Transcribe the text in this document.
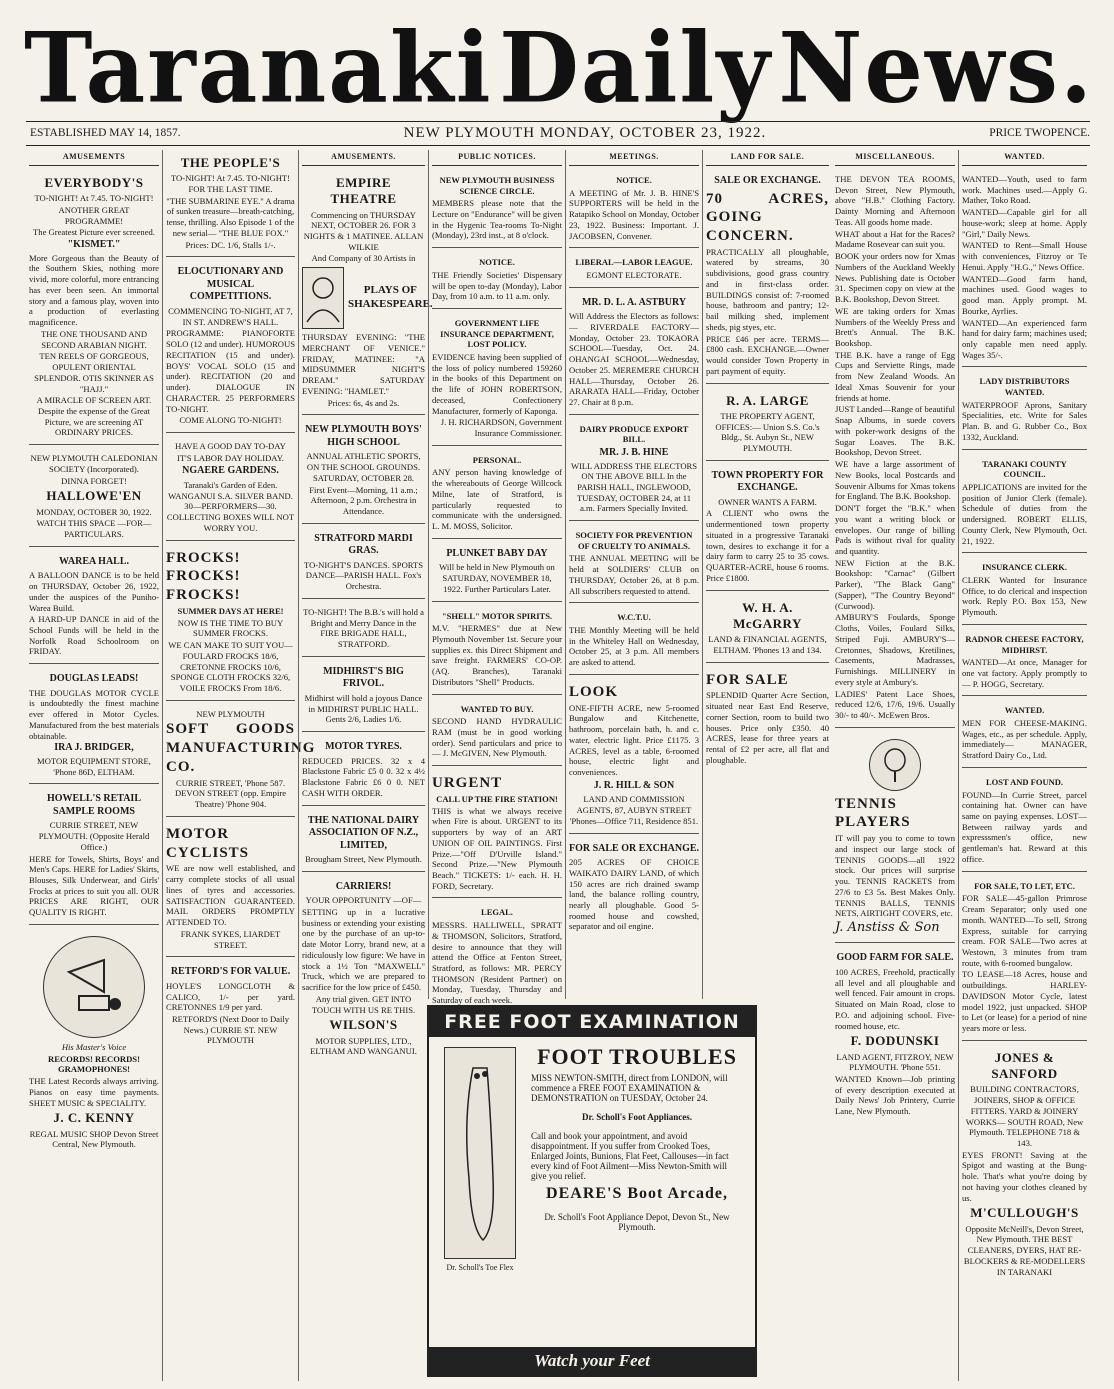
Taranaki Daily News.
ESTABLISHED MAY 14, 1857.	NEW PLYMOUTH MONDAY, OCTOBER 23, 1922.	PRICE TWOPENCE.
AMUSEMENTS
EVERYBODY'S

TO-NIGHT! At 7.45. TO-NIGHT!

ANOTHER GREAT PROGRAMME!

The Greatest Picture ever screened.

"KISMET."

More Gorgeous than the Beauty of the Southern Skies, nothing more vivid, more colorful, more entrancing has ever been seen. An immortal story and a famous play, woven into a production of everlasting magnificence.

THE ONE THOUSAND AND SECOND ARABIAN NIGHT.

TEN REELS OF GORGEOUS, OPULENT ORIENTAL SPLENDOR. OTIS SKINNER AS "HAJJ."

A MIRACLE OF SCREEN ART. Despite the expense of the Great Picture, we are screening AT ORDINARY PRICES.

NEW PLYMOUTH CALEDONIAN SOCIETY (Incorporated).

DINNA FORGET!

HALLOWE'EN

MONDAY, OCTOBER 30, 1922.

WATCH THIS SPACE —FOR— PARTICULARS.

WAREA HALL.

A BALLOON DANCE is to be held on THURSDAY, October 26, 1922, under the auspices of the Puniho-Warea Build.

A HARD-UP DANCE in aid of the School Funds will be held in the Norfolk Road Schoolroom on FRIDAY.

DOUGLAS LEADS!

THE DOUGLAS MOTOR CYCLE is undoubtedly the finest machine ever offered in Motor Cycles. Manufactured from the best materials obtainable.

IRA J. BRIDGER,

MOTOR EQUIPMENT STORE, 'Phone 86D, ELTHAM.

HOWELL'S RETAIL SAMPLE ROOMS

CURRIE STREET, NEW PLYMOUTH. (Opposite Herald Office.)

HERE for Towels, Shirts, Boys' and Men's Caps. HERE for Ladies' Skirts, Blouses, Silk Underwear, and Girls' Frocks at prices to suit you all. OUR PRICES ARE RIGHT, OUR QUALITY IS RIGHT.

His Master's Voice

RECORDS! RECORDS! GRAMOPHONES!

THE Latest Records always arriving. Pianos on easy time payments. SHEET MUSIC & SPECIALITY.

J. C. KENNY

REGAL MUSIC SHOP Devon Street Central, New Plymouth.

THE PEOPLE'S

TO-NIGHT! At 7.45. TO-NIGHT! FOR THE LAST TIME.

"THE SUBMARINE EYE." A drama of sunken treasure—breath-catching, tense, thrilling. Also Episode 1 of the new serial— "THE BLUE FOX."

Prices: DC. 1/6, Stalls 1/-.

ELOCUTIONARY AND MUSICAL COMPETITIONS.

COMMENCING TO-NIGHT, AT 7, IN ST. ANDREW'S HALL.

PROGRAMME: PIANOFORTE SOLO (12 and under). HUMOROUS RECITATION (15 and under). BOYS' VOCAL SOLO (15 and under). RECITATION (20 and under). DIALOGUE IN CHARACTER. 25 PERFORMERS TO-NIGHT.

COME ALONG TO-NIGHT!

HAVE A GOOD DAY TO-DAY

IT'S LABOR DAY HOLIDAY.

NGAERE GARDENS.

Taranaki's Garden of Eden. WANGANUI S.A. SILVER BAND. 30—PERFORMERS—30. COLLECTING BOXES WILL NOT WORRY YOU.

FROCKS! FROCKS! FROCKS!

SUMMER DAYS AT HERE!

NOW IS THE TIME TO BUY SUMMER FROCKS.

WE CAN MAKE TO SUIT YOU— FOULARD FROCKS 18/6, CRETONNE FROCKS 10/6, SPONGE CLOTH FROCKS 32/6, VOILE FROCKS From 18/6.

NEW PLYMOUTH

SOFT GOODS MANUFACTURING CO.

CURRIE STREET, 'Phone 587. DEVON STREET (opp. Empire Theatre) 'Phone 904.

MOTOR CYCLISTS

WE are now well established, and carry complete stocks of all usual lines of tyres and accessories. SATISFACTION GUARANTEED. MAIL ORDERS PROMPTLY ATTENDED TO.

FRANK SYKES, LIARDET STREET.

RETFORD'S FOR VALUE.

HOYLE'S LONGCLOTH & CALICO, 1/- per yard. CRETONNES 1/9 per yard.

RETFORD'S (Next Door to Daily News.) CURRIE ST. NEW PLYMOUTH

AMUSEMENTS.
EMPIRE THEATRE

Commencing on THURSDAY NEXT, OCTOBER 26. FOR 3 NIGHTS & 1 MATINEE. ALLAN WILKIE

And Company of 30 Artists in

PLAYS OF SHAKESPEARE.

THURSDAY EVENING: "THE MERCHANT OF VENICE." FRIDAY, MATINEE: "A MIDSUMMER NIGHT'S DREAM." SATURDAY EVENING: "HAMLET."

Prices: 6s, 4s and 2s.

NEW PLYMOUTH BOYS' HIGH SCHOOL

ANNUAL ATHLETIC SPORTS, ON THE SCHOOL GROUNDS. SATURDAY, OCTOBER 28.

First Event—Morning, 11 a.m.; Afternoon, 2 p.m. Orchestra in Attendance.

STRATFORD MARDI GRAS.

TO-NIGHT'S DANCES. SPORTS DANCE—PARISH HALL. Fox's Orchestra.

TO-NIGHT! The B.B.'s will hold a Bright and Merry Dance in the FIRE BRIGADE HALL, STRATFORD.

MIDHIRST'S BIG FRIVOL.

Midhirst will hold a joyous Dance in MIDHIRST PUBLIC HALL. Gents 2/6, Ladies 1/6.

MOTOR TYRES.

REDUCED PRICES. 32 x 4 Blackstone Fabric £5 0 0. 32 x 4½ Blackstone Fabric £6 0 0. NET CASH WITH ORDER.

THE NATIONAL DAIRY ASSOCIATION OF N.Z., LIMITED,

Brougham Street, New Plymouth.

CARRIERS!

YOUR OPPORTUNITY —OF—

SETTING up in a lucrative business or extending your existing one by the purchase of an up-to-date Motor Lorry, brand new, at a ridiculously low figure: We have in stock a 1½ Ton "MAXWELL" Truck, which we are prepared to sacrifice for the low price of £450.

Any trial given. GET INTO TOUCH WITH US RE THIS.

WILSON'S

MOTOR SUPPLIES, LTD., ELTHAM AND WANGANUI.

PUBLIC NOTICES.
NEW PLYMOUTH BUSINESS SCIENCE CIRCLE.

MEMBERS please note that the Lecture on "Endurance" will be given in the Hygenic Tea-rooms To-Night (Monday), 23rd inst., at 8 o'clock.

NOTICE.

THE Friendly Societies' Dispensary will be open to-day (Monday), Labor Day, from 10 a.m. to 11 a.m. only.

GOVERNMENT LIFE INSURANCE DEPARTMENT, LOST POLICY.

EVIDENCE having been supplied of the loss of policy numbered 159260 in the books of this Department on the life of JOHN ROBERTSON, deceased, Confectionery Manufacturer, formerly of Kaponga.

J. H. RICHARDSON, Government Insurance Commissioner.

PERSONAL.

ANY person having knowledge of the whereabouts of George Willcock Milne, late of Stratford, is particularly requested to communicate with the undersigned. L. M. MOSS, Solicitor.

PLUNKET BABY DAY

Will be held in New Plymouth on SATURDAY, NOVEMBER 18, 1922. Further Particulars Later.

"SHELL" MOTOR SPIRITS.

M.V. "HERMES" due at New Plymouth November 1st. Secure your supplies ex. this Direct Shipment and save freight. FARMERS' CO-OP. (AQ. Branches), Taranaki Distributors "Shell" Products.

WANTED TO BUY.

SECOND HAND HYDRAULIC RAM (must be in good working order). Send particulars and price to— J. McGIVEN, New Plymouth.

URGENT

CALL UP THE FIRE STATION!

THIS is what we always receive when Fire is about. URGENT to its supporters by way of an ART UNION OF OIL PAINTINGS. First Prize.—"Off D'Urville Island." Second Prize.—"New Plymouth Beach." TICKETS: 1/- each. H. H. FORD, Secretary.

LEGAL.

MESSRS. HALLIWELL, SPRATT & THOMSON, Solicitors, Stratford, desire to announce that they will attend the Office at Fenton Street, Stratford, as follows: MR. PERCY THOMSON (Resident Partner) on Monday, Tuesday, Thursday and Saturday of each week.

MEETINGS.
NOTICE.

A MEETING of Mr. J. B. HINE'S SUPPORTERS will be held in the Ratapiko School on Monday, October 23, 1922. Business: Important. J. JACOBSEN, Convener.

LIBERAL—LABOR LEAGUE.

EGMONT ELECTORATE.

MR. D. L. A. ASTBURY

Will Address the Electors as follows:— RIVERDALE FACTORY—Monday, October 23. TOKAORA SCHOOL—Tuesday, Oct. 24. OHANGAI SCHOOL—Wednesday, October 25. MEREMERE CHURCH HALL—Thursday, October 26. ARARATA HALL—Friday, October 27. Chair at 8 p.m.

DAIRY PRODUCE EXPORT BILL.

MR. J. B. HINE

WILL ADDRESS THE ELECTORS ON THE ABOVE BILL In the PARISH HALL, INGLEWOOD, TUESDAY, OCTOBER 24, at 11 a.m. Farmers Specially Invited.

SOCIETY FOR PREVENTION OF CRUELTY TO ANIMALS.

THE ANNUAL MEETING will be held at SOLDIERS' CLUB on THURSDAY, October 26, at 8 p.m. All subscribers requested to attend.

W.C.T.U.

THE Monthly Meeting will be held in the Whiteley Hall on Wednesday, October 25, at 3 p.m. All members are asked to attend.

LOOK

ONE-FIFTH ACRE, new 5-roomed Bungalow and Kitchenette, bathroom, porcelain bath, h. and c. water, electric light. Price £1175. 3 ACRES, level as a table, 6-roomed house, electric light and conveniences.

J. R. HILL & SON

LAND AND COMMISSION AGENTS, 87, AUBYN STREET 'Phones—Office 711, Residence 851.

FOR SALE OR EXCHANGE.

205 ACRES OF CHOICE WAIKATO DAIRY LAND, of which 150 acres are rich drained swamp land, the balance rolling country, nearly all ploughable. Good 5-roomed house and cowshed, separator and oil engine.

LAND FOR SALE.
SALE OR EXCHANGE.

70 ACRES, GOING CONCERN.

PRACTICALLY all ploughable, watered by streams, 30 subdivisions, good grass country and in first-class order. BUILDINGS consist of: 7-roomed house, bathroom and pantry; 12-bail milking shed, implement sheds, pig styes, etc.

PRICE £46 per acre. TERMS—£800 cash. EXCHANGE.—Owner would consider Town Property in part payment of equity.

R. A. LARGE

THE PROPERTY AGENT, OFFICES:— Union S.S. Co.'s Bldg., St. Aubyn St., NEW PLYMOUTH.

TOWN PROPERTY FOR EXCHANGE.

OWNER WANTS A FARM.

A CLIENT who owns the undermentioned town property situated in a progressive Taranaki town, desires to exchange it for a dairy farm to carry 25 to 35 cows. QUARTER-ACRE, house 6 rooms. Price £1800.

W. H. A. McGARRY

LAND & FINANCIAL AGENTS, ELTHAM. 'Phones 13 and 134.

FOR SALE

SPLENDID Quarter Acre Section, situated near East End Reserve, corner Section, room to build two houses. Price only £350. 40 ACRES, lease for three years at rental of £2 per acre, all flat and ploughable.

FREE FOOT EXAMINATION

Dr. Scholl's Toe Flex

FOOT TROUBLES

MISS NEWTON-SMITH, direct from LONDON, will commence a FREE FOOT EXAMINATION & DEMONSTRATION on TUESDAY, October 24.

Dr. Scholl's Foot Appliances.

Call and book your appointment, and avoid disappointment. If you suffer from Crooked Toes, Enlarged Joints, Bunions, Flat Feet, Callouses—in fact every kind of Foot Ailment—Miss Newton-Smith will give you relief.

DEARE'S Boot Arcade,

Dr. Scholl's Foot Appliance Depot, Devon St., New Plymouth.

Watch your Feet
MISCELLANEOUS.

THE DEVON TEA ROOMS, Devon Street, New Plymouth, above "H.B." Clothing Factory. Dainty Morning and Afternoon Teas. All goods home made.

WHAT about a Hat for the Races? Madame Rosevear can suit you.

BOOK your orders now for Xmas Numbers of the Auckland Weekly News. Publishing date is October 31. Specimen copy on view at the B.K. Bookshop, Devon Street.

WE are taking orders for Xmas Numbers of the Weekly Press and Brett's Annual. The B.K. Bookshop.

THE B.K. have a range of Egg Cups and Serviette Rings, made from New Zealand Woods. An Ideal Xmas Souvenir for your friends at home.

JUST Landed—Range of beautiful Snap Albums, in suede covers with poker-work designs of the Sugar Loaves. The B.K. Bookshop, Devon Street.

WE have a large assortment of New Books, local Postcards and Souvenir Albums for Xmas tokens for England. The B.K. Bookshop.

DON'T forget the "B.K." when you want a writing block or envelopes. Our range of billing Pads is without rival for quality and quantity.

NEW Fiction at the B.K. Bookshop: "Carnac" (Gilbert Parker), "The Black Gang" (Sapper), "The Country Beyond" (Curwood).

AMBURY'S Foulards, Sponge Cloths, Voiles, Foulard Silks, Striped Fuji. AMBURY'S—Cretonnes, Shadows, Kretilines, Casements, Madrasses, Furnishings. MILLINERY in every style at Ambury's.

LADIES' Patent Lace Shoes, reduced 12/6, 17/6, 19/6. Usually 30/- to 40/-. McEwen Bros.

TENNIS PLAYERS

IT will pay you to come to town and inspect our large stock of TENNIS GOODS—all 1922 stock. Our prices will surprise you. TENNIS RACKETS from 27/6 to £3 5s. Best Makes Only. TENNIS BALLS, TENNIS NETS, AIRTIGHT COVERS, etc.

J. Anstiss & Son

GOOD FARM FOR SALE.

100 ACRES, Freehold, practically all level and all ploughable and well fenced. Fair amount in crops. Situated on Main Road, close to P.O. and adjoining school. Five-roomed house, etc.

F. DODUNSKI

LAND AGENT, FITZROY, NEW PLYMOUTH. 'Phone 551.

WANTED Known—Job printing of every description executed at Daily News' Job Printery, Currie Lane, New Plymouth.

WANTED.

WANTED—Youth, used to farm work. Machines used.—Apply G. Mather, Toko Road.

WANTED—Capable girl for all house-work; sleep at home. Apply "Girl," Daily News.

WANTED to Rent—Small House with conveniences, Fitzroy or Te Henui. Apply "H.G.," News Office.

WANTED—Good farm hand, machines used. Good wages to good man. Apply prompt. M. Bourke, Ayrlies.

WANTED—An experienced farm hand for dairy farm; machines used; only capable men need apply. Wages 35/-.

LADY DISTRIBUTORS WANTED.

WATERPROOF Aprons, Sanitary Specialities, etc. Write for Sales Plan. B. and G. Rubber Co., Box 1332, Auckland.

TARANAKI COUNTY COUNCIL.

APPLICATIONS are invited for the position of Junior Clerk (female). Schedule of duties from the undersigned. ROBERT ELLIS, County Clerk, New Plymouth, Oct. 21, 1922.

INSURANCE CLERK.

CLERK Wanted for Insurance Office, to do clerical and inspection work. Reply P.O. Box 153, New Plymouth.

RADNOR CHEESE FACTORY, MIDHIRST.

WANTED—At once, Manager for one vat factory. Apply promptly to— P. HOGG, Secretary.

WANTED.

MEN FOR CHEESE-MAKING. Wages, etc., as per schedule. Apply, immediately— MANAGER, Stratford Dairy Co., Ltd.

LOST AND FOUND.

FOUND—In Currie Street, parcel containing hat. Owner can have same on paying expenses. LOST—Between railway yards and expresssmen's office, new gentleman's hat. Reward at this office.

FOR SALE, TO LET, ETC.

FOR SALE—45-gallon Primrose Cream Separator; only used one month. WANTED—To sell, Strong Express, suitable for carrying cream. FOR SALE—Two acres at Westown, 3 minutes from tram route, with 6-roomed bungalow.

TO LEASE—18 Acres, house and outbuildings. HARLEY-DAVIDSON Motor Cycle, latest model 1922, just unpacked. SHOP to Let (or lease) for a period of nine years more or less.

JONES & SANFORD

BUILDING CONTRACTORS, JOINERS, SHOP & OFFICE FITTERS. YARD & JOINERY WORKS— SOUTH ROAD, New Plymouth. TELEPHONE 718 & 143.

EYES FRONT! Saving at the Spigot and wasting at the Bung-hole. That's what you're doing by not having your clothes cleaned by us.

M'CULLOUGH'S

Opposite McNeill's, Devon Street, New Plymouth. THE BEST CLEANERS, DYERS, HAT RE-BLOCKERS & RE-MODELLERS IN TARANAKI
